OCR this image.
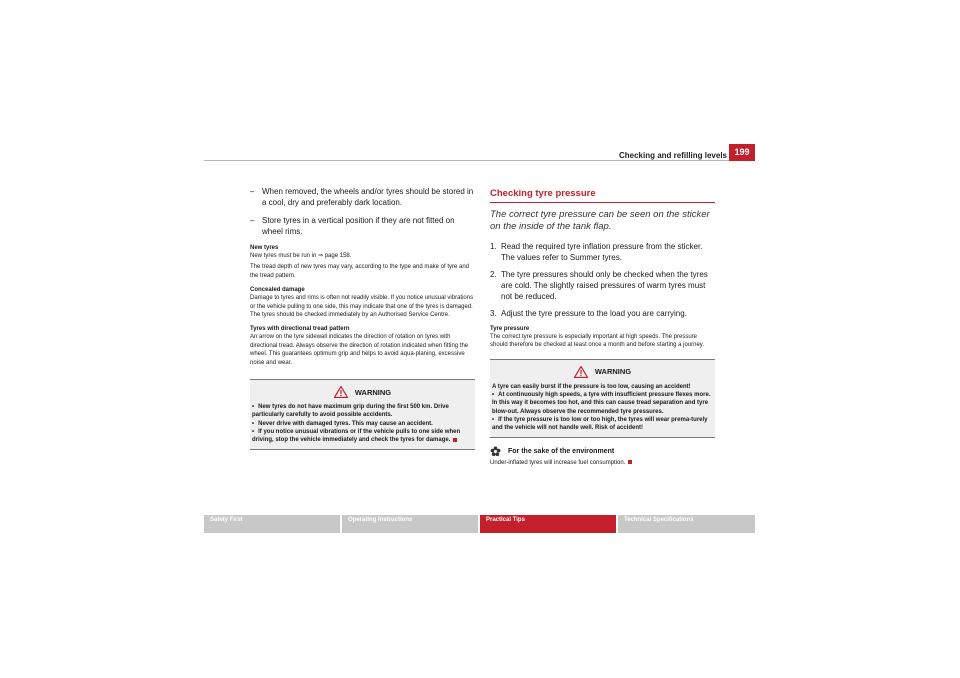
Checking and refilling levels 199
– When removed, the wheels and/or tyres should be stored in a cool, dry and preferably dark location.
– Store tyres in a vertical position if they are not fitted on wheel rims.
New tyres
New tyres must be run in ⇒ page 158.
The tread depth of new tyres may vary, according to the type and make of tyre and the tread pattern.
Concealed damage
Damage to tyres and rims is often not readily visible. If you notice unusual vibrations or the vehicle pulling to one side, this may indicate that one of the tyres is damaged. The tyres should be checked immediately by an Authorised Service Centre.
Tyres with directional tread pattern
An arrow on the tyre sidewall indicates the direction of rotation on tyres with directional tread. Always observe the direction of rotation indicated when fitting the wheel. This guarantees optimum grip and helps to avoid aqua-planing, excessive noise and wear.
WARNING
• New tyres do not have maximum grip during the first 500 km. Drive particularly carefully to avoid possible accidents.
• Never drive with damaged tyres. This may cause an accident.
• If you notice unusual vibrations or if the vehicle pulls to one side when driving, stop the vehicle immediately and check the tyres for damage.
Checking tyre pressure
The correct tyre pressure can be seen on the sticker on the inside of the tank flap.
1. Read the required tyre inflation pressure from the sticker. The values refer to Summer tyres.
2. The tyre pressures should only be checked when the tyres are cold. The slightly raised pressures of warm tyres must not be reduced.
3. Adjust the tyre pressure to the load you are carrying.
Tyre pressure
The correct tyre pressure is especially important at high speeds. The pressure should therefore be checked at least once a month and before starting a journey.
WARNING
A tyre can easily burst if the pressure is too low, causing an accident!
• At continuously high speeds, a tyre with insufficient pressure flexes more. In this way it becomes too hot, and this can cause tread separation and tyre blow-out. Always observe the recommended tyre pressures.
• If the tyre pressure is too low or too high, the tyres will wear prema-turely and the vehicle will not handle well. Risk of accident!
For the sake of the environment
Under-inflated tyres will increase fuel consumption.
Safety First	Operating Instructions	Practical Tips	Technical Specifications
